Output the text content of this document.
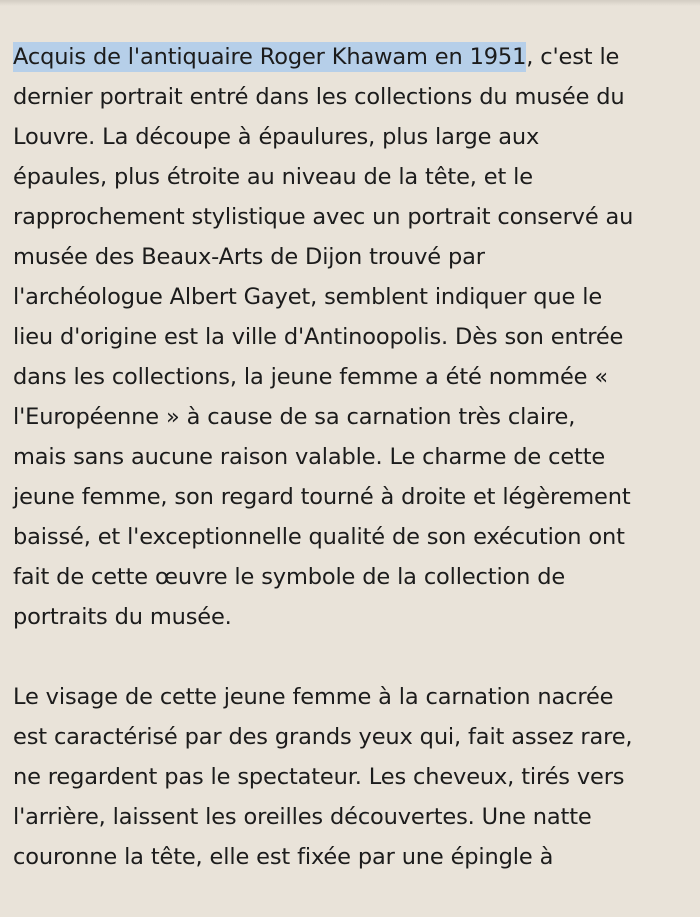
Acquis de l'antiquaire Roger Khawam en 1951, c'est le
dernier portrait entré dans les collections du musée du
Louvre. La découpe à épaulures, plus large aux
épaules, plus étroite au niveau de la tête, et le
rapprochement stylistique avec un portrait conservé au
musée des Beaux-Arts de Dijon trouvé par
l'archéologue Albert Gayet, semblent indiquer que le
lieu d'origine est la ville d'Antinoopolis. Dès son entrée
dans les collections, la jeune femme a été nommée «
l'Européenne » à cause de sa carnation très claire,
mais sans aucune raison valable. Le charme de cette
jeune femme, son regard tourné à droite et légèrement
baissé, et l'exceptionnelle qualité de son exécution ont
fait de cette œuvre le symbole de la collection de
portraits du musée.

Le visage de cette jeune femme à la carnation nacrée
est caractérisé par des grands yeux qui, fait assez rare,
ne regardent pas le spectateur. Les cheveux, tirés vers
l'arrière, laissent les oreilles découvertes. Une natte
couronne la tête, elle est fixée par une épingle à
